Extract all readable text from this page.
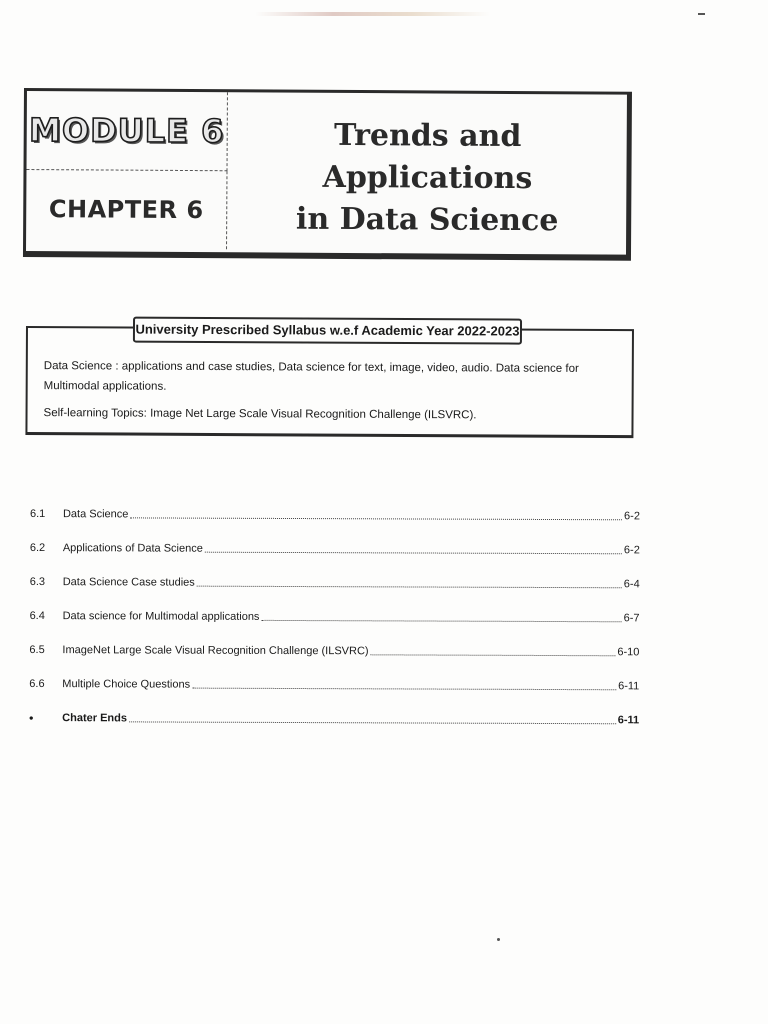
MODULE 6
CHAPTER 6
Trends and Applications
in Data Science
University Prescribed Syllabus w.e.f Academic Year 2022-2023

Data Science : applications and case studies, Data science for text, image, video, audio. Data science for Multimodal applications.

Self-learning Topics: Image Net Large Scale Visual Recognition Challenge (ILSVRC).

6.1	Data Science	6-2
6.2	Applications of Data Science	6-2
6.3	Data Science Case studies	6-4
6.4	Data science for Multimodal applications	6-7
6.5	ImageNet Large Scale Visual Recognition Challenge (ILSVRC)	6-10
6.6	Multiple Choice Questions	6-11
•	Chater Ends	6-11
